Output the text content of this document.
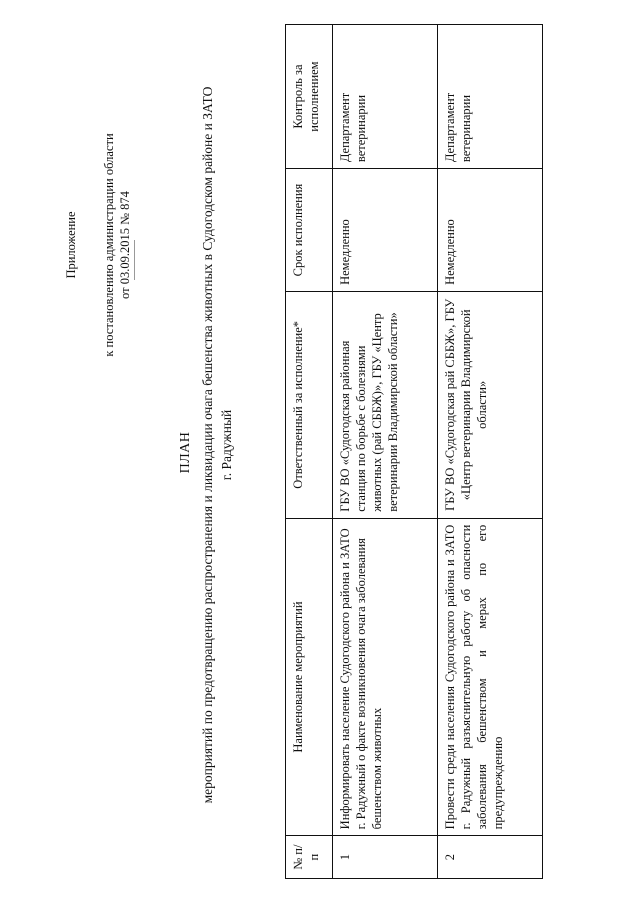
Приложение	к постановлению администрации области от 03.09.2015 № 874
ПЛАН мероприятий по предотвращению распространения и ликвидации очага бешенства животных в Судогодском районе и ЗАТО г. Радужный
№ п/п	Наименование мероприятий	Ответственный за исполнение*	Срок исполнения	Контроль за исполнением
1	Информировать население Судогодского района и ЗАТО г. Радужный о факте возникновения очага заболевания бешенством животных	ГБУ ВО «Судогодская районная станция по борьбе с болезнями животных (рай СББЖ)», ГБУ «Центр ветеринарии Владимирской области»	Немедленно	Департамент ветеринарии
2	Провести среди населения Судогодского района и ЗАТО г. Радужный разъяснительную работу об опасности заболевания бешенством и мерах по его предупреждению	ГБУ ВО «Судогодская рай СББЖ», ГБУ «Центр ветеринарии Владимирской области»	Немедленно	Департамент ветеринарии
